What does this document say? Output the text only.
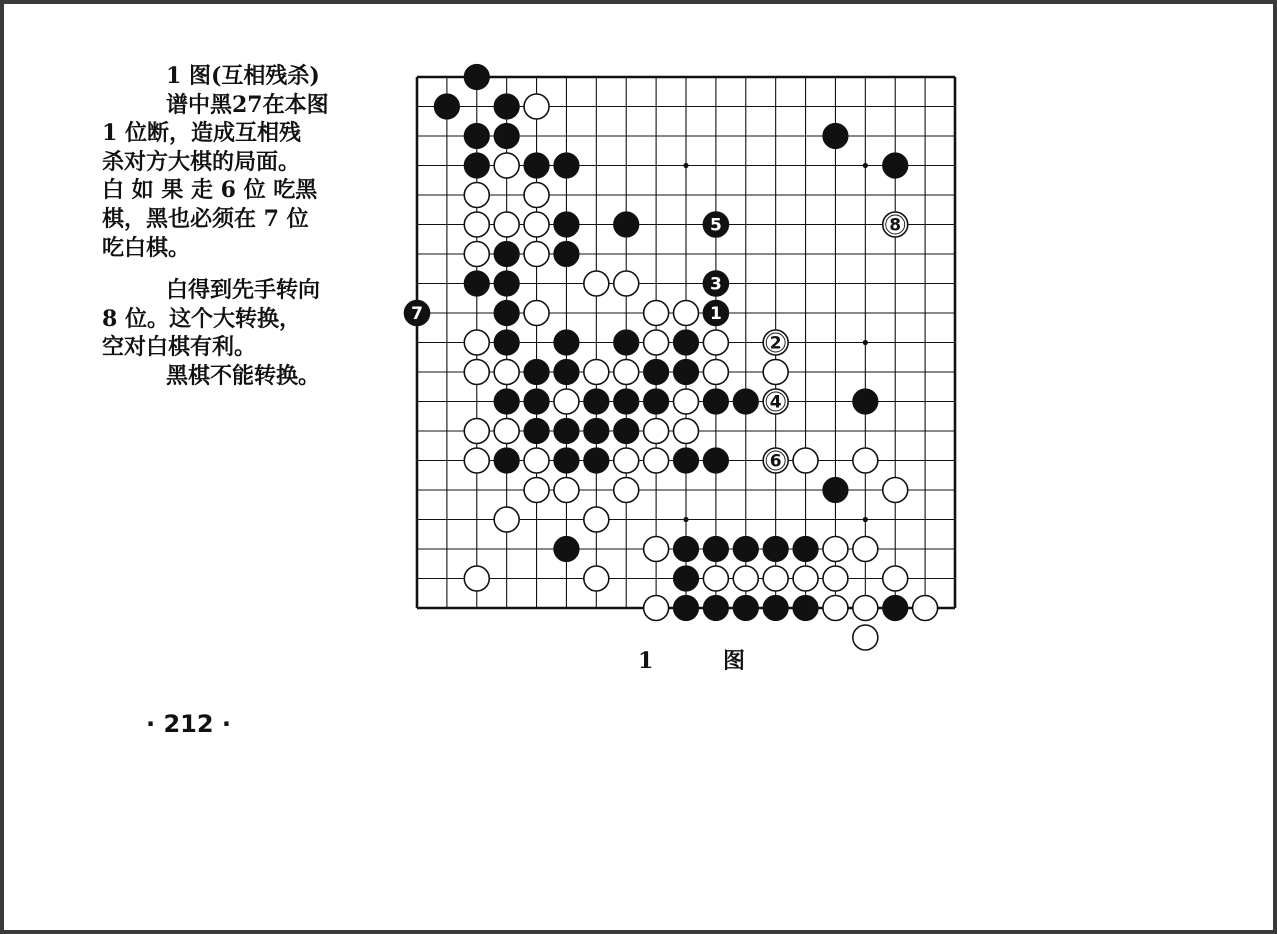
1 图(互相残杀)
谱中黑27在本图
1 位断，造成互相残
杀对方大棋的局面。
白 如 果 走 6 位 吃黑
棋，黑也必须在 7 位
吃白棋。
白得到先手转向
8 位。这个大转换，
空对白棋有利。
黑棋不能转换。
1
2
3
4
5
6
7
8
1	图
· 212 ·
